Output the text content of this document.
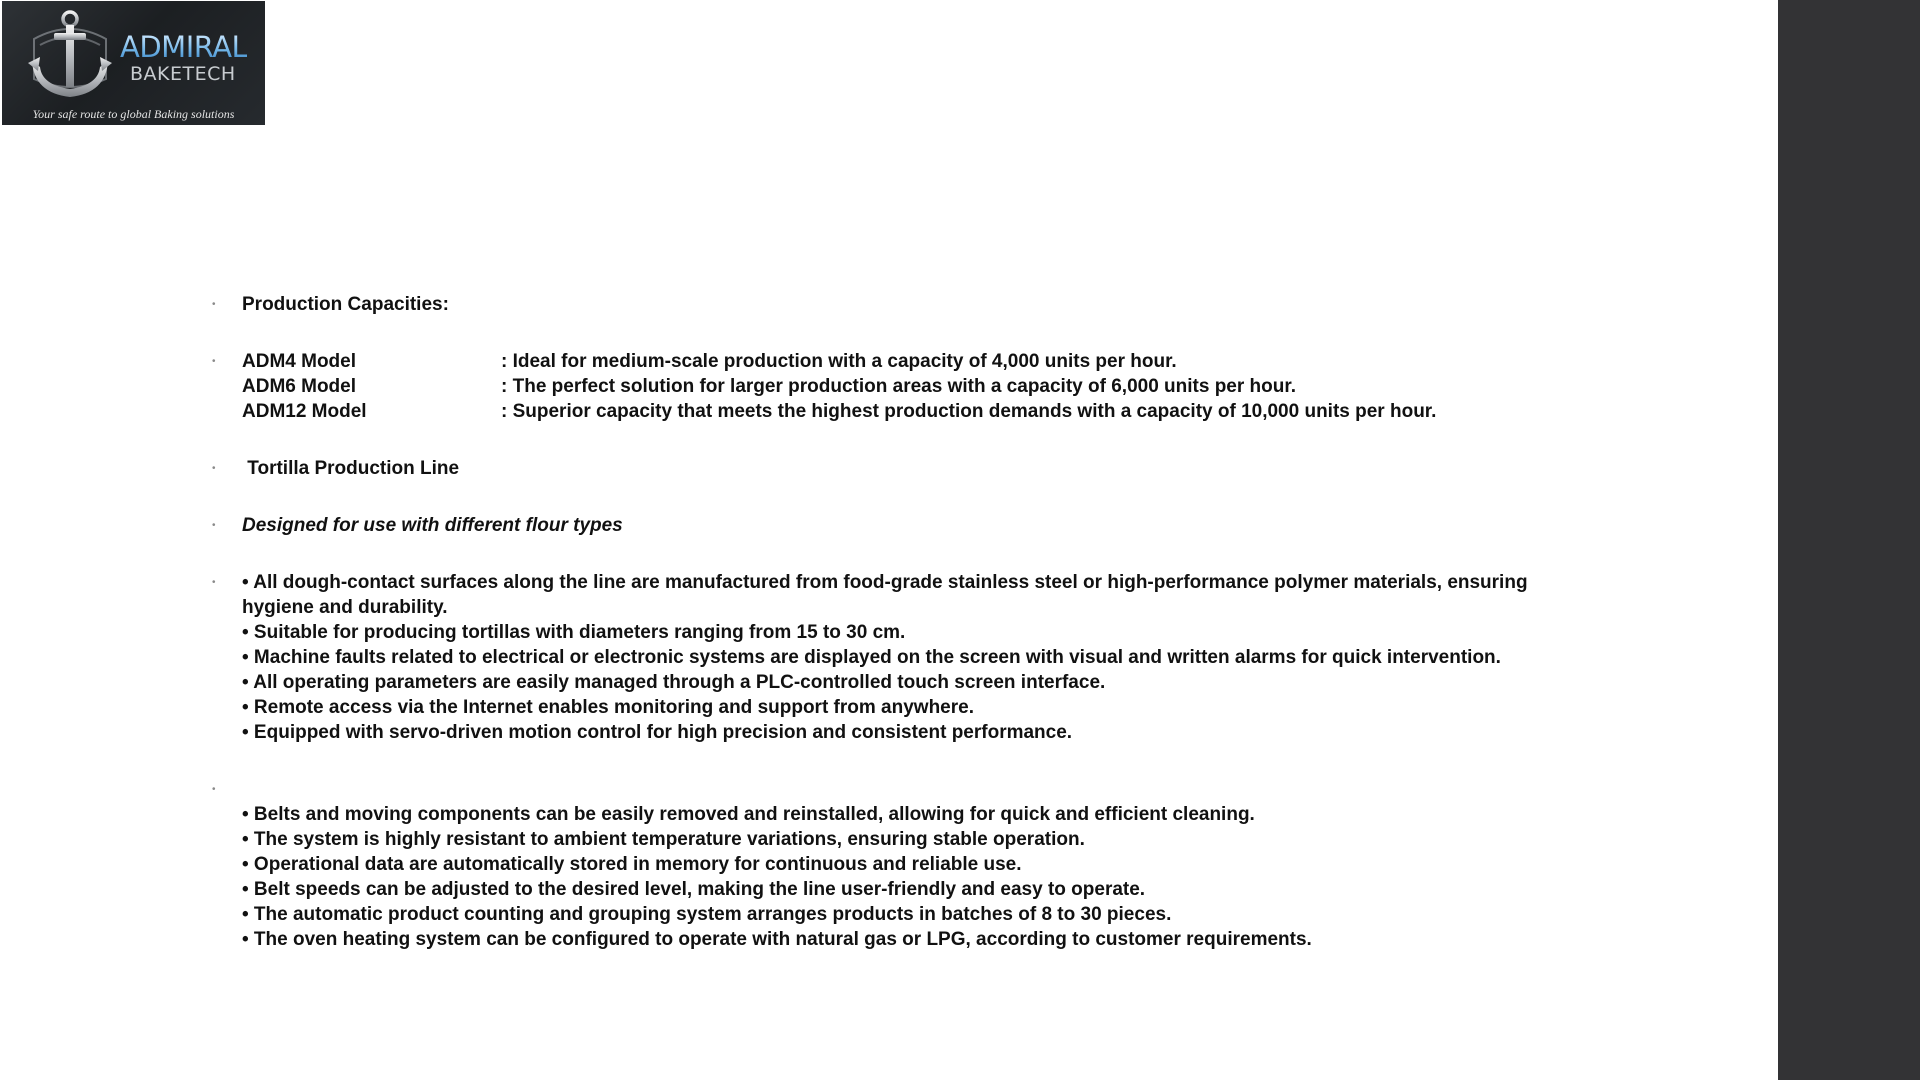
ADMIRAL
BAKETECH
Your safe route to global Baking solutions
• Production Capacities:
• ADM4 Model	: Ideal for medium-scale production with a capacity of 4,000 units per hour.
ADM6 Model	: The perfect solution for larger production areas with a capacity of 6,000 units per hour.
ADM12 Model	: Superior capacity that meets the highest production demands with a capacity of 10,000 units per hour.
• Tortilla Production Line
• Designed for use with different flour types
• • All dough-contact surfaces along the line are manufactured from food-grade stainless steel or high-performance polymer materials, ensuring hygiene and durability.
• Suitable for producing tortillas with diameters ranging from 15 to 30 cm.
• Machine faults related to electrical or electronic systems are displayed on the screen with visual and written alarms for quick intervention.
• All operating parameters are easily managed through a PLC-controlled touch screen interface.
• Remote access via the Internet enables monitoring and support from anywhere.
• Equipped with servo-driven motion control for high precision and consistent performance.
•
• Belts and moving components can be easily removed and reinstalled, allowing for quick and efficient cleaning.
• The system is highly resistant to ambient temperature variations, ensuring stable operation.
• Operational data are automatically stored in memory for continuous and reliable use.
• Belt speeds can be adjusted to the desired level, making the line user-friendly and easy to operate.
• The automatic product counting and grouping system arranges products in batches of 8 to 30 pieces.
• The oven heating system can be configured to operate with natural gas or LPG, according to customer requirements.
